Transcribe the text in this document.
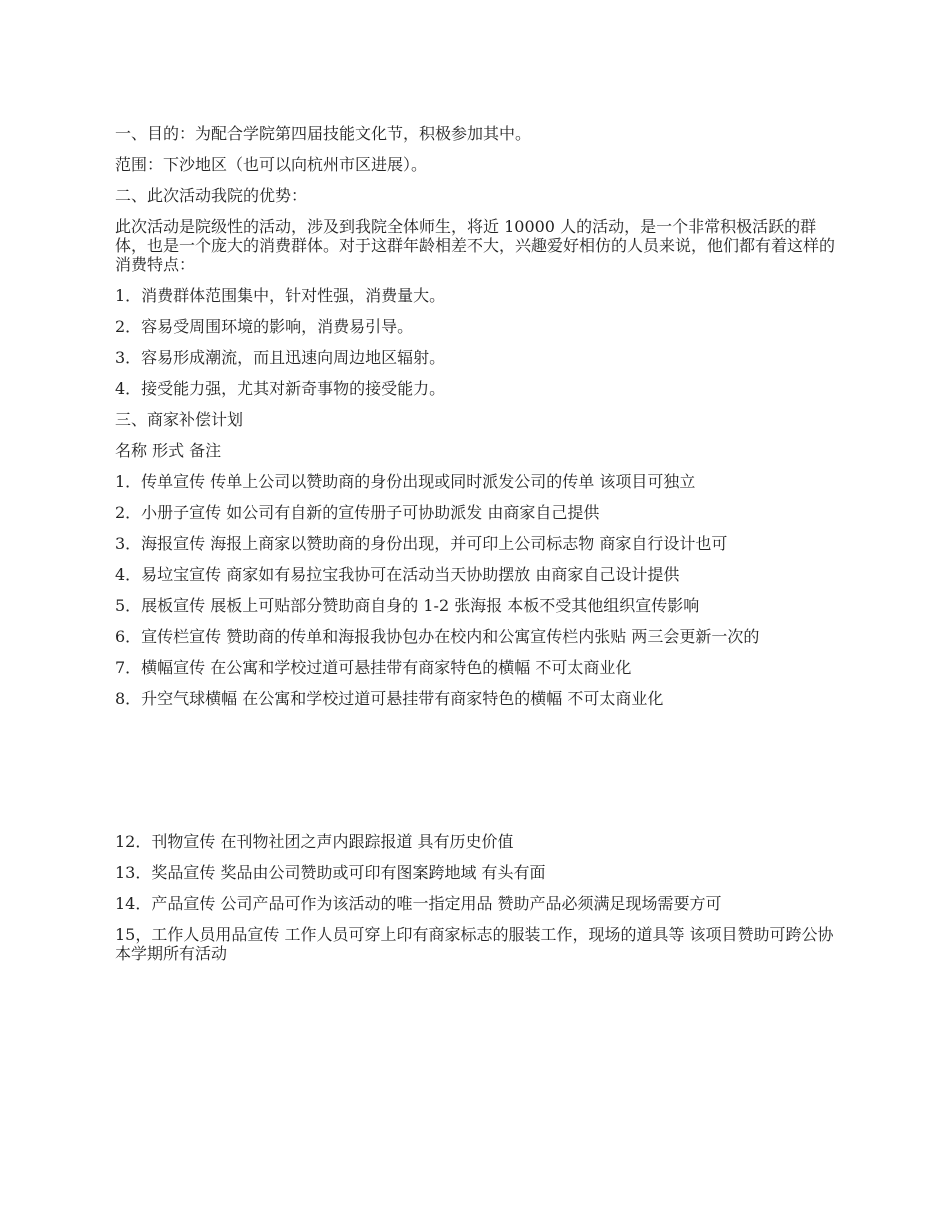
一、目的：为配合学院第四届技能文化节，积极参加其中。

范围：下沙地区（也可以向杭州市区进展）。

二、此次活动我院的优势：

此次活动是院级性的活动，涉及到我院全体师生，将近 10000 人的活动，是一个非常积极活跃的群体，也是一个庞大的消费群体。对于这群年龄相差不大，兴趣爱好相仿的人员来说，他们都有着这样的消费特点：

1．消费群体范围集中，针对性强，消费量大。

2．容易受周围环境的影响，消费易引导。

3．容易形成潮流，而且迅速向周边地区辐射。

4．接受能力强，尤其对新奇事物的接受能力。

三、商家补偿计划

名称 形式 备注

1．传单宣传 传单上公司以赞助商的身份出现或同时派发公司的传单 该项目可独立

2．小册子宣传 如公司有自新的宣传册子可协助派发 由商家自己提供

3．海报宣传 海报上商家以赞助商的身份出现，并可印上公司标志物 商家自行设计也可

4．易垃宝宣传 商家如有易拉宝我协可在活动当天协助摆放 由商家自己设计提供

5．展板宣传 展板上可贴部分赞助商自身的 1-2 张海报 本板不受其他组织宣传影响

6．宣传栏宣传 赞助商的传单和海报我协包办在校内和公寓宣传栏内张贴 两三会更新一次的

7．横幅宣传 在公寓和学校过道可悬挂带有商家特色的横幅 不可太商业化

8．升空气球横幅 在公寓和学校过道可悬挂带有商家特色的横幅 不可太商业化

12．刊物宣传 在刊物社团之声内跟踪报道 具有历史价值

13．奖品宣传 奖品由公司赞助或可印有图案跨地域 有头有面

14．产品宣传 公司产品可作为该活动的唯一指定用品 赞助产品必须满足现场需要方可

15，工作人员用品宣传 工作人员可穿上印有商家标志的服装工作，现场的道具等 该项目赞助可跨公协本学期所有活动
